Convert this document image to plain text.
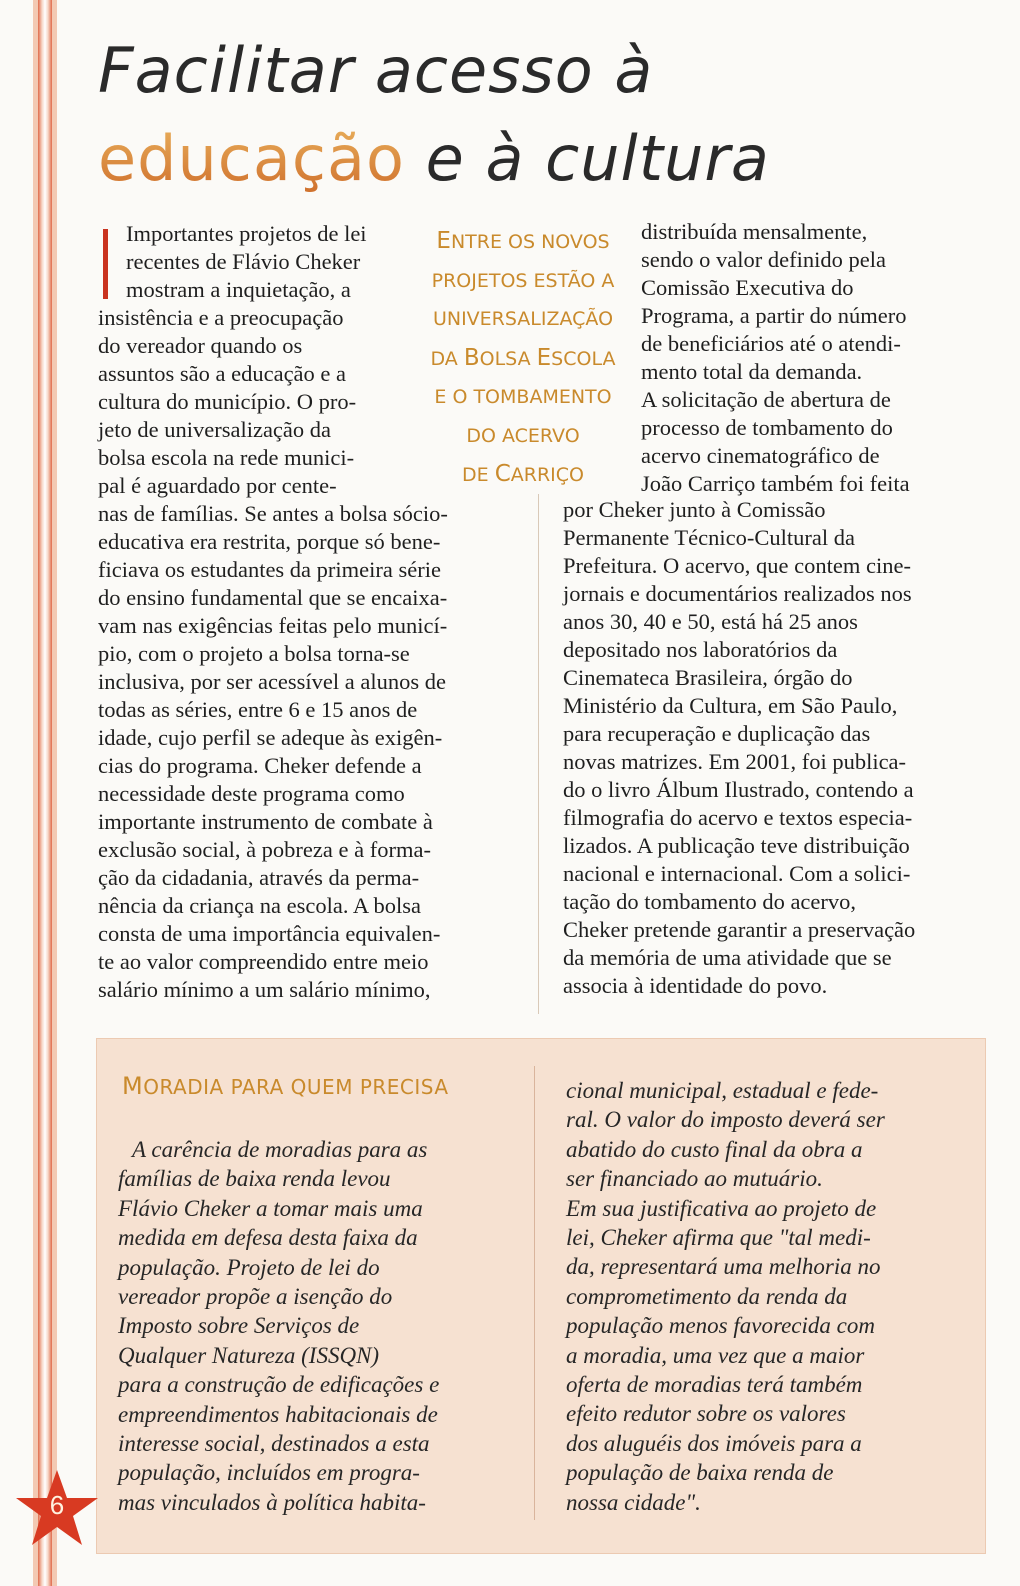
Facilitar acesso à
educação e à cultura
Importantes projetos de lei
recentes de Flávio Cheker
mostram a inquietação, a
insistência e a preocupação
do vereador quando os
assuntos são a educação e a
cultura do município. O pro-
jeto de universalização da
bolsa escola na rede munici-
pal é aguardado por cente-
nas de famílias. Se antes a bolsa sócio-
educativa era restrita, porque só bene-
ficiava os estudantes da primeira série
do ensino fundamental que se encaixa-
vam nas exigências feitas pelo municí-
pio, com o projeto a bolsa torna-se
inclusiva, por ser acessível a alunos de
todas as séries, entre 6 e 15 anos de
idade, cujo perfil se adeque às exigên-
cias do programa. Cheker defende a
necessidade deste programa como
importante instrumento de combate à
exclusão social, à pobreza e à forma-
ção da cidadania, através da perma-
nência da criança na escola. A bolsa
consta de uma importância equivalen-
te ao valor compreendido entre meio
salário mínimo a um salário mínimo,
ENTRE OS NOVOS
PROJETOS ESTÃO A
UNIVERSALIZAÇÃO
DA BOLSA ESCOLA
E O TOMBAMENTO
DO ACERVO
DE CARRIÇO
distribuída mensalmente,
sendo o valor definido pela
Comissão Executiva do
Programa, a partir do número
de beneficiários até o atendi-
mento total da demanda.
A solicitação de abertura de
processo de tombamento do
acervo cinematográfico de
João Carriço também foi feita
por Cheker junto à Comissão
Permanente Técnico-Cultural da
Prefeitura. O acervo, que contem cine-
jornais e documentários realizados nos
anos 30, 40 e 50, está há 25 anos
depositado nos laboratórios da
Cinemateca Brasileira, órgão do
Ministério da Cultura, em São Paulo,
para recuperação e duplicação das
novas matrizes. Em 2001, foi publica-
do o livro Álbum Ilustrado, contendo a
filmografia do acervo e textos especia-
lizados. A publicação teve distribuição
nacional e internacional. Com a solici-
tação do tombamento do acervo,
Cheker pretende garantir a preservação
da memória de uma atividade que se
associa à identidade do povo.
MORADIA PARA QUEM PRECISA
A carência de moradias para as
famílias de baixa renda levou
Flávio Cheker a tomar mais uma
medida em defesa desta faixa da
população. Projeto de lei do
vereador propõe a isenção do
Imposto sobre Serviços de
Qualquer Natureza (ISSQN)
para a construção de edificações e
empreendimentos habitacionais de
interesse social, destinados a esta
população, incluídos em progra-
mas vinculados à política habita-
cional municipal, estadual e fede-
ral. O valor do imposto deverá ser
abatido do custo final da obra a
ser financiado ao mutuário.
Em sua justificativa ao projeto de
lei, Cheker afirma que "tal medi-
da, representará uma melhoria no
comprometimento da renda da
população menos favorecida com
a moradia, uma vez que a maior
oferta de moradias terá também
efeito redutor sobre os valores
dos aluguéis dos imóveis para a
população de baixa renda de
nossa cidade".
6
